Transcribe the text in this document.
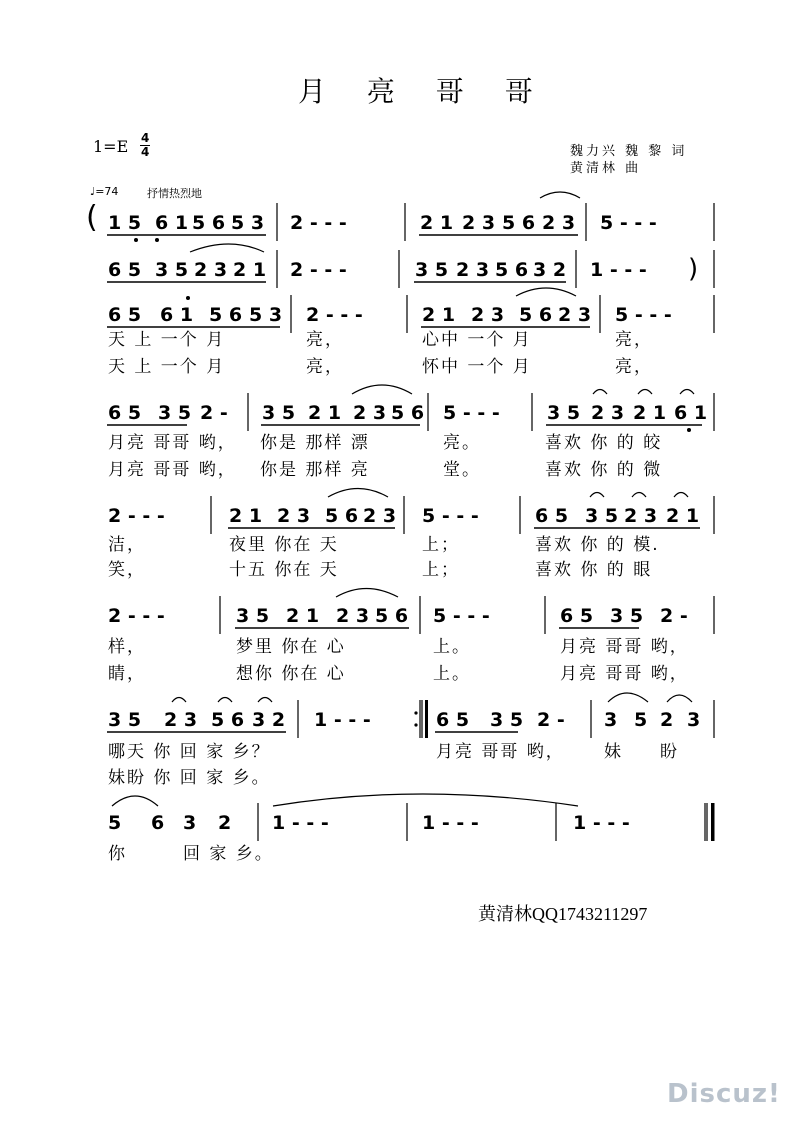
月 亮 哥 哥
1=E 4
4	魏力兴 魏 黎 词
黄清林 曲
♩=74	抒情热烈地
( 1 5 6 1 5 6 5 3 2 - - -	2 1 2 3 5 6 2 3 5 - - -
6 5 3 5 2 3 2 1 2 - - -	3 5 2 3 5 6 3 2 1 - - - )
6 5 6 1 5 6 5 3 2 - - -	2 1 2 3 5 6 2 3 5 - - -
天 上 一个 月	亮，	心中 一个 月	亮，
天 上 一个 月	亮，	怀中 一个 月	亮，
6 5 3 5 2 - 3 5 2 1 2 3 5 6 5 - - - 3 5 2 3 2 1 6 1
月亮 哥哥 哟， 你是 那样 漂	亮。	喜欢 你 的 皎
月亮 哥哥 哟， 你是 那样 亮	堂。	喜欢 你 的 微
2 - - -	2 1 2 3 5 6 2 3 5 - - -	6 5 3 5 2 3 2 1
洁，	夜里 你在 天	上；	喜欢 你 的 模.
笑，	十五 你在 天	上；	喜欢 你 的 眼
2 - - -	3 5 2 1 2 3 5 6 5 - - -	6 5 3 5 2 -
样，	梦里 你在 心	上。	月亮 哥哥 哟，
睛，	想你 你在 心	上。	月亮 哥哥 哟，
3 5 2 3 5 6 3 2 1 - - -	6 5 3 5 2 - 3 5 2 3
哪天 你 回 家 乡？	月亮 哥哥 哟， 妹 盼
妹盼 你 回 家 乡。
5 6 3 2 1 - - -	1 - - -	1 - - -
你	回 家 乡。
黄清林QQ1743211297
Discuz!
